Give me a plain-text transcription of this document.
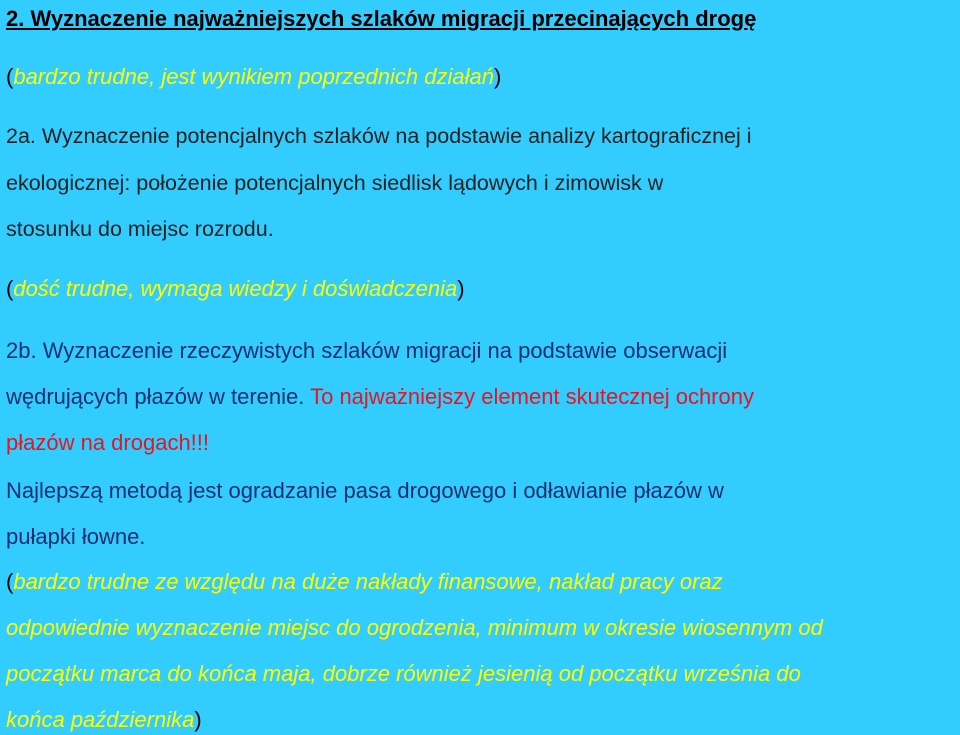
2. Wyznaczenie najważniejszych szlaków migracji przecinających drogę
(bardzo trudne, jest wynikiem poprzednich działań)
2a. Wyznaczenie potencjalnych szlaków na podstawie analizy kartograficznej i
ekologicznej: położenie potencjalnych siedlisk lądowych i zimowisk w
stosunku do miejsc rozrodu.
(dość trudne, wymaga wiedzy i doświadczenia)
2b. Wyznaczenie rzeczywistych szlaków migracji na podstawie obserwacji
wędrujących płazów w terenie. To najważniejszy element skutecznej ochrony
płazów na drogach!!!
Najlepszą metodą jest ogradzanie pasa drogowego i odławianie płazów w
pułapki łowne.
(bardzo trudne ze względu na duże nakłady finansowe, nakład pracy oraz
odpowiednie wyznaczenie miejsc do ogrodzenia, minimum w okresie wiosennym od
początku marca do końca maja, dobrze również jesienią od początku września do
końca października)
